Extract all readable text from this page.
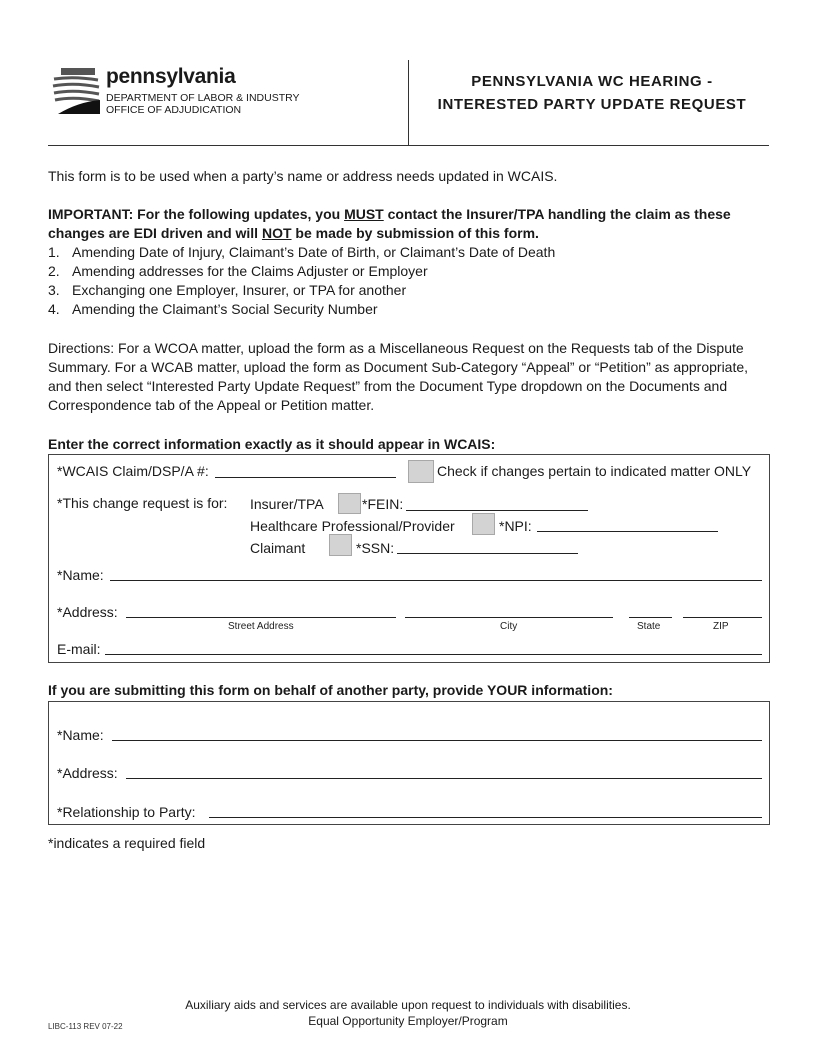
pennsylvania
DEPARTMENT OF LABOR & INDUSTRY
OFFICE OF ADJUDICATION
PENNSYLVANIA WC HEARING -
INTERESTED PARTY UPDATE REQUEST
This form is to be used when a party’s name or address needs updated in WCAIS.
IMPORTANT: For the following updates, you MUST contact the Insurer/TPA handling the claim as these changes are EDI driven and will NOT be made by submission of this form.
1. Amending Date of Injury, Claimant’s Date of Birth, or Claimant’s Date of Death
2. Amending addresses for the Claims Adjuster or Employer
3. Exchanging one Employer, Insurer, or TPA for another
4. Amending the Claimant’s Social Security Number
Directions: For a WCOA matter, upload the form as a Miscellaneous Request on the Requests tab of the Dispute Summary. For a WCAB matter, upload the form as Document Sub-Category “Appeal” or “Petition” as appropriate, and then select “Interested Party Update Request” from the Document Type dropdown on the Documents and Correspondence tab of the Appeal or Petition matter.
Enter the correct information exactly as it should appear in WCAIS:
*WCAIS Claim/DSP/A #:	Check if changes pertain to indicated matter ONLY
*This change request is for: Insurer/TPA	*FEIN:
Healthcare Professional/Provider	*NPI:
Claimant	*SSN:
*Name:
*Address:
Street Address	City	State	ZIP
E-mail:
If you are submitting this form on behalf of another party, provide YOUR information:
*Name:
*Address:
*Relationship to Party:
*indicates a required field
Auxiliary aids and services are available upon request to individuals with disabilities.
Equal Opportunity Employer/Program
LIBC-113 REV 07-22
